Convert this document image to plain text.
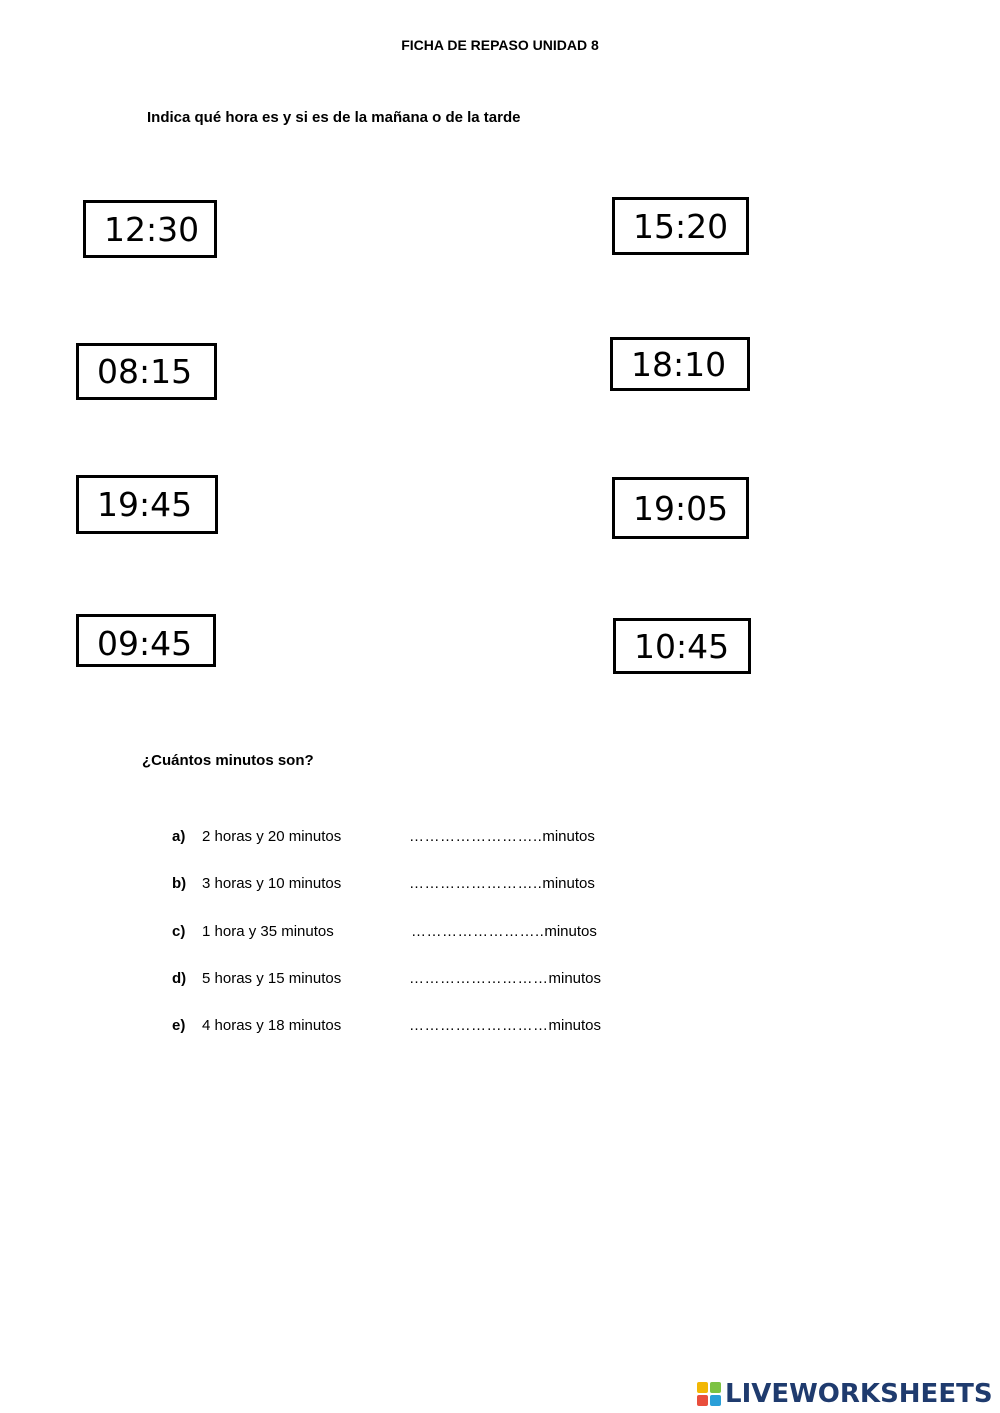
FICHA DE REPASO UNIDAD 8
Indica qué hora es y si es de la mañana o de la tarde
12:30	15:20
08:15	18:10
19:45	19:05
09:45	10:45
¿Cuántos minutos son?
a) 2 horas y 20 minutos	……………………..minutos
b) 3 horas y 10 minutos	……………………..minutos
c) 1 hora y 35 minutos	……………………..minutos
d) 5 horas y 15 minutos	………………………minutos
e) 4 horas y 18 minutos	………………………minutos
LIVEWORKSHEETS
